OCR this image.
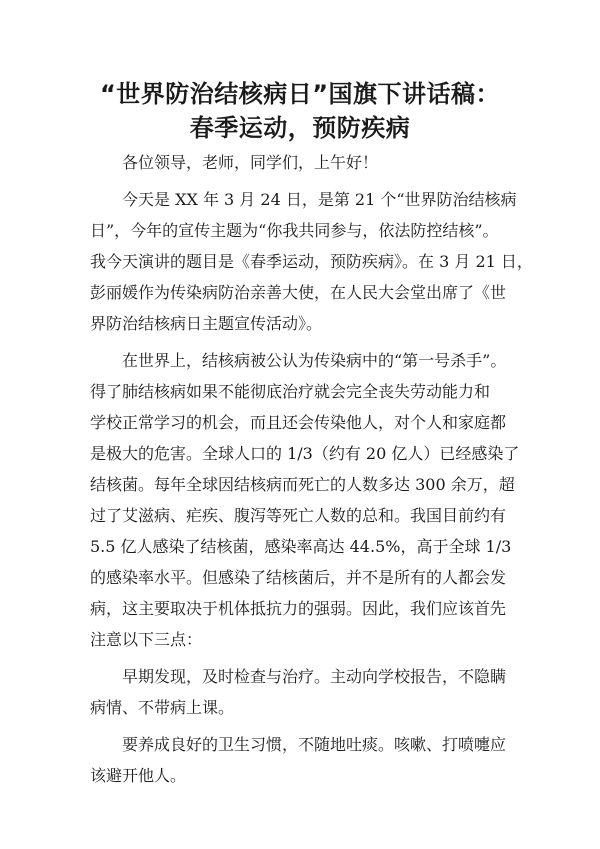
“世界防治结核病日”国旗下讲话稿：
春季运动，预防疾病
各位领导，老师，同学们，上午好！
今天是 XX 年 3 月 24 日，是第 21 个“世界防治结核病
日”，今年的宣传主题为“你我共同参与，依法防控结核”。
我今天演讲的题目是《春季运动，预防疾病》。在 3 月 21 日，
彭丽媛作为传染病防治亲善大使，在人民大会堂出席了《世
界防治结核病日主题宣传活动》。
在世界上，结核病被公认为传染病中的“第一号杀手”。
得了肺结核病如果不能彻底治疗就会完全丧失劳动能力和
学校正常学习的机会，而且还会传染他人，对个人和家庭都
是极大的危害。全球人口的 1/3（约有 20 亿人）已经感染了
结核菌。每年全球因结核病而死亡的人数多达 300 余万，超
过了艾滋病、疟疾、腹泻等死亡人数的总和。我国目前约有
5.5 亿人感染了结核菌，感染率高达 44.5%，高于全球 1/3
的感染率水平。但感染了结核菌后，并不是所有的人都会发
病，这主要取决于机体抵抗力的强弱。因此，我们应该首先
注意以下三点：
早期发现，及时检查与治疗。主动向学校报告，不隐瞒
病情、不带病上课。
要养成良好的卫生习惯，不随地吐痰。咳嗽、打喷嚏应
该避开他人。
